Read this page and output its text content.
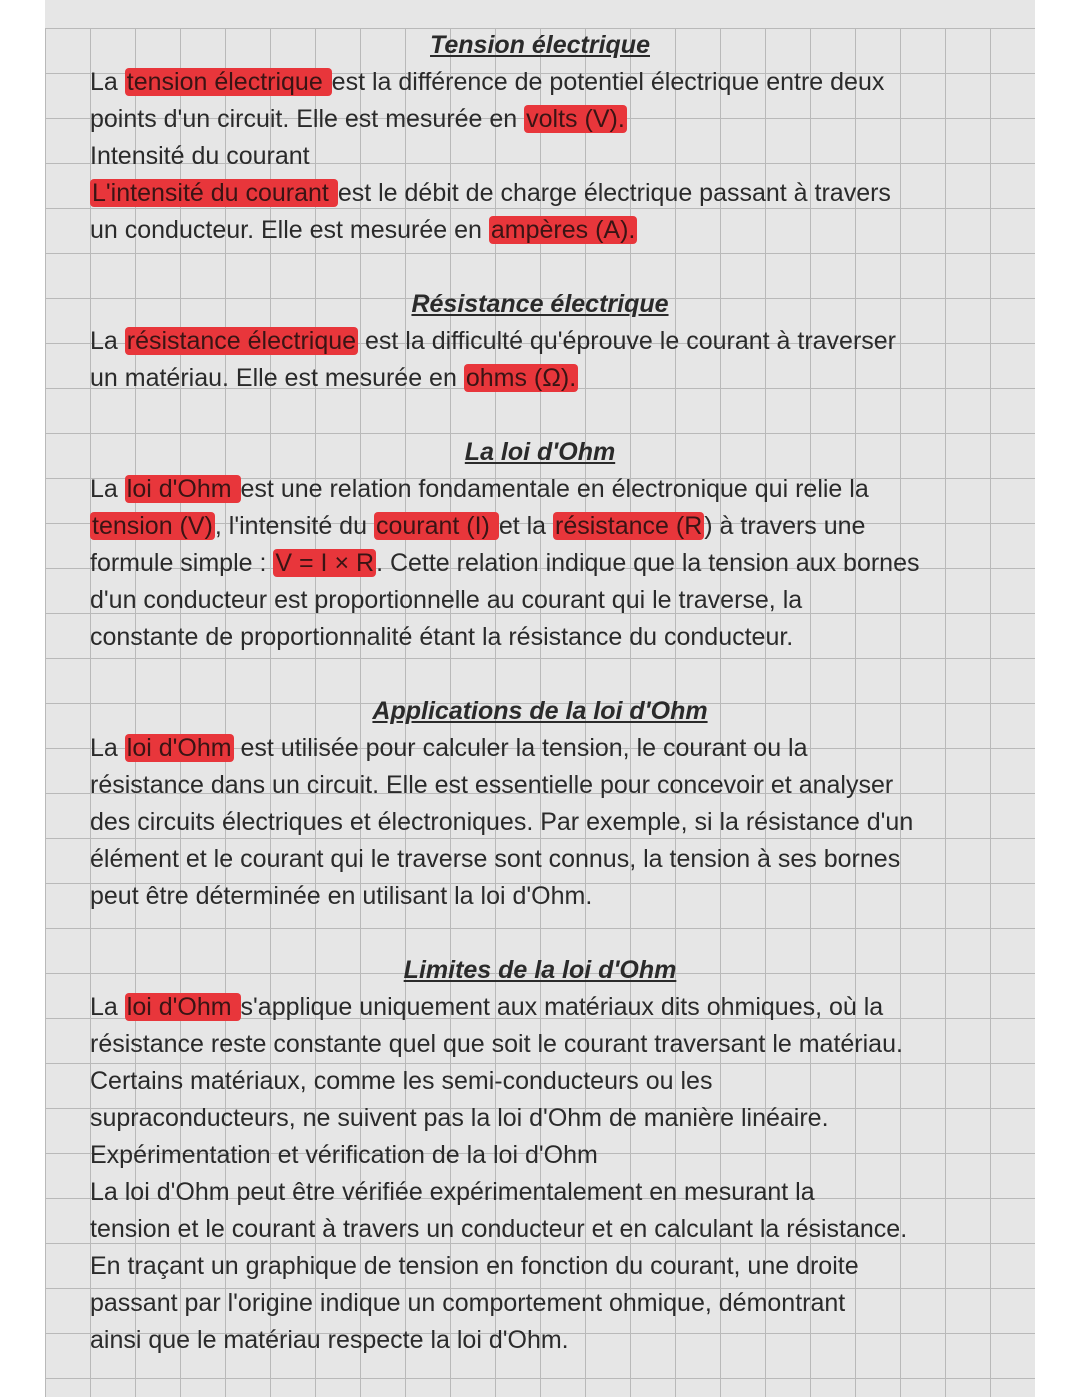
Tension électrique
La tension électrique est la différence de potentiel électrique entre deux
points d'un circuit. Elle est mesurée en volts (V).
Intensité du courant
L'intensité du courant est le débit de charge électrique passant à travers
un conducteur. Elle est mesurée en ampères (A).
Résistance électrique
La résistance électrique est la difficulté qu'éprouve le courant à traverser
un matériau. Elle est mesurée en ohms (Ω).
La loi d'Ohm
La loi d'Ohm est une relation fondamentale en électronique qui relie la
tension (V), l'intensité du courant (I) et la résistance (R) à travers une
formule simple : V = I × R. Cette relation indique que la tension aux bornes
d'un conducteur est proportionnelle au courant qui le traverse, la
constante de proportionnalité étant la résistance du conducteur.
Applications de la loi d'Ohm
La loi d'Ohm est utilisée pour calculer la tension, le courant ou la
résistance dans un circuit. Elle est essentielle pour concevoir et analyser
des circuits électriques et électroniques. Par exemple, si la résistance d'un
élément et le courant qui le traverse sont connus, la tension à ses bornes
peut être déterminée en utilisant la loi d'Ohm.
Limites de la loi d'Ohm
La loi d'Ohm s'applique uniquement aux matériaux dits ohmiques, où la
résistance reste constante quel que soit le courant traversant le matériau.
Certains matériaux, comme les semi-conducteurs ou les
supraconducteurs, ne suivent pas la loi d'Ohm de manière linéaire.
Expérimentation et vérification de la loi d'Ohm
La loi d'Ohm peut être vérifiée expérimentalement en mesurant la
tension et le courant à travers un conducteur et en calculant la résistance.
En traçant un graphique de tension en fonction du courant, une droite
passant par l'origine indique un comportement ohmique, démontrant
ainsi que le matériau respecte la loi d'Ohm.
